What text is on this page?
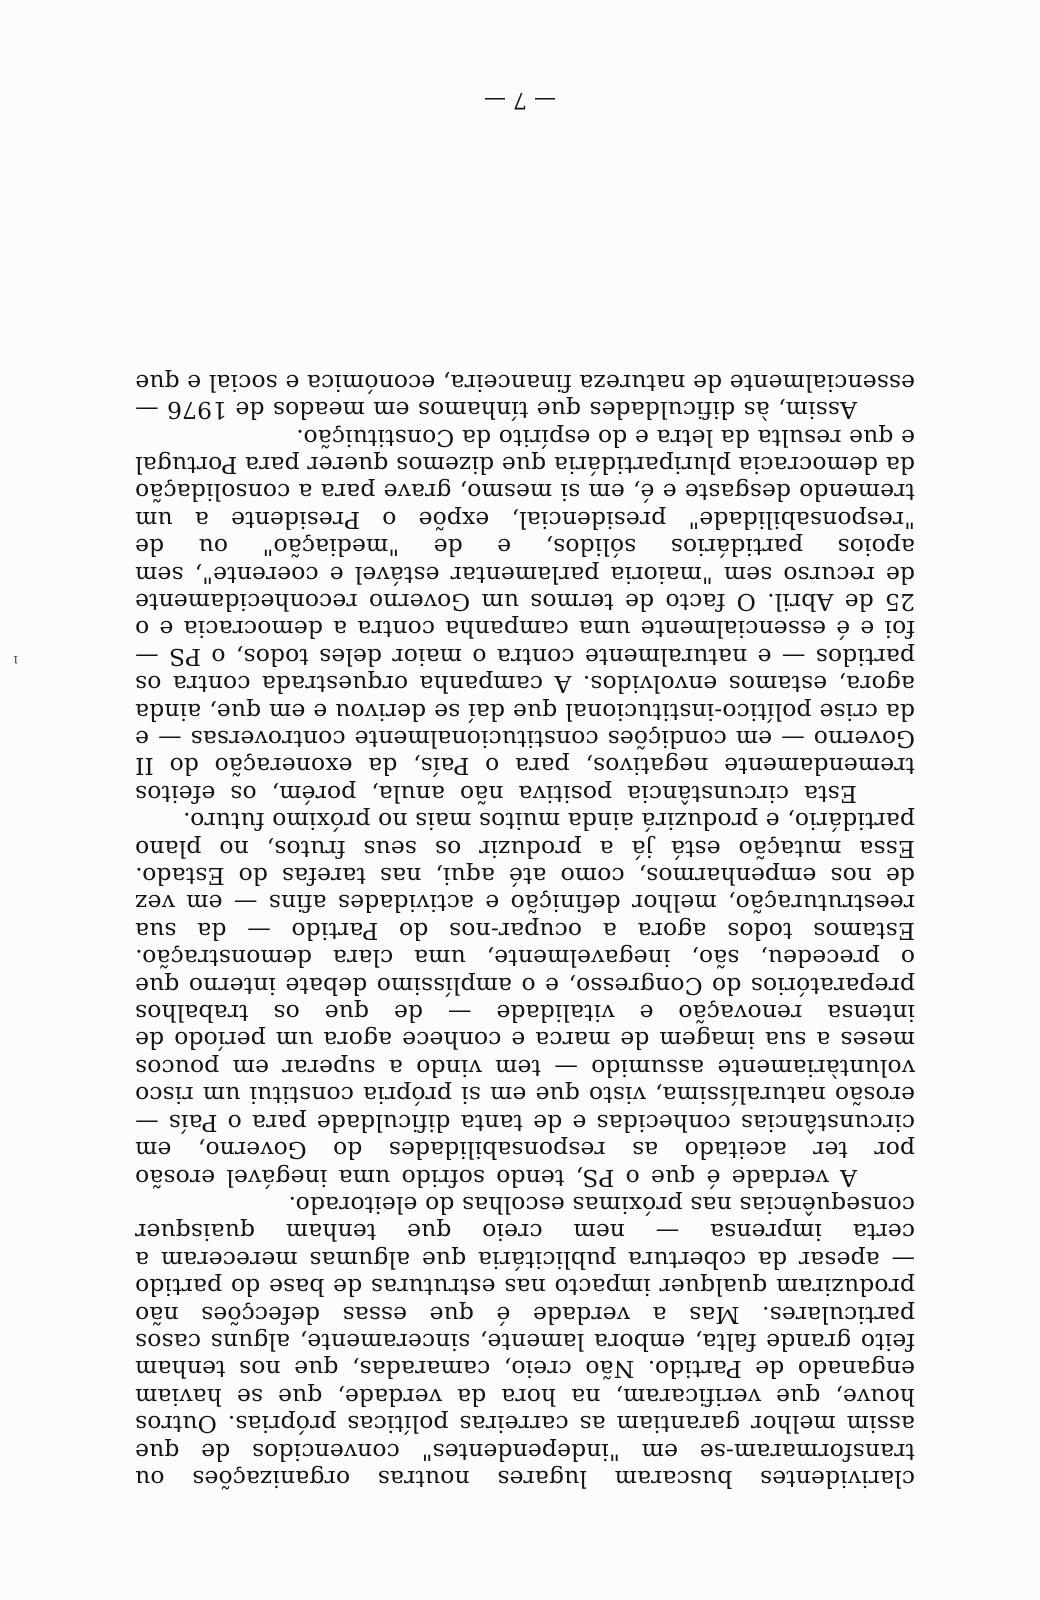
clarividentes buscaram lugares noutras organizações ou transformaram-se em "independentes" convencidos de que assim melhor garantiam as carreiras políticas próprias. Outros houve, que verificaram, na hora da verdade, que se haviam enganado de Partido. Não creio, camaradas, que nos tenham feito grande falta, embora lamente, sinceramente, alguns casos particulares. Mas a verdade é que essas defecções não produziram qualquer impacto nas estruturas de base do partido — apesar da cobertura publicitária que algumas mereceram a certa imprensa — nem creio que tenham quaisquer consequências nas próximas escolhas do eleitorado.

A verdade é que o PS, tendo sofrido uma inegável erosão por ter aceitado as responsabilidades do Governo, em circunstâncias conhecidas e de tanta dificuldade para o País — erosão naturalíssima, visto que em si própria constitui um risco voluntàriamente assumido — tem vindo a superar em poucos meses a sua imagem de marca e conhece agora um período de intensa renovação e vitalidade — de que os trabalhos preparatórios do Congresso, e o amplíssimo debate interno que o precedeu, são, inegavelmente, uma clara demonstração. Estamos todos agora a ocupar-nos do Partido — da sua reestruturação, melhor definição e actividades afins — em vez de nos empenharmos, como até aqui, nas tarefas do Estado. Essa mutação está já a produzir os seus frutos, no plano partidário, e produzirá ainda muitos mais no próximo futuro.

Esta circunstância positiva não anula, porém, os efeitos tremendamente negativos, para o País, da exoneração do II Governo — em condições constitucionalmente controversas — e da crise político-institucional que daí se derivou e em que, ainda agora, estamos envolvidos. A campanha orquestrada contra os partidos — e naturalmente contra o maior deles todos, o PS — foi e é essencialmente uma campanha contra a democracia e o 25 de Abril. O facto de termos um Governo reconhecidamente de recurso sem "maioria parlamentar estável e coerente", sem apoios partidários sólidos, e de "mediação" ou de "responsabilidade" presidencial, expõe o Presidente a um tremendo desgaste e é, em si mesmo, grave para a consolidação da democracia pluripartidária que dizemos querer para Portugal e que resulta da letra e do espírito da Constituição.

Assim, às dificuldades que tínhamos em meados de 1976 — essencialmente de natureza financeira, económica e social e que

— 7 —
ı
